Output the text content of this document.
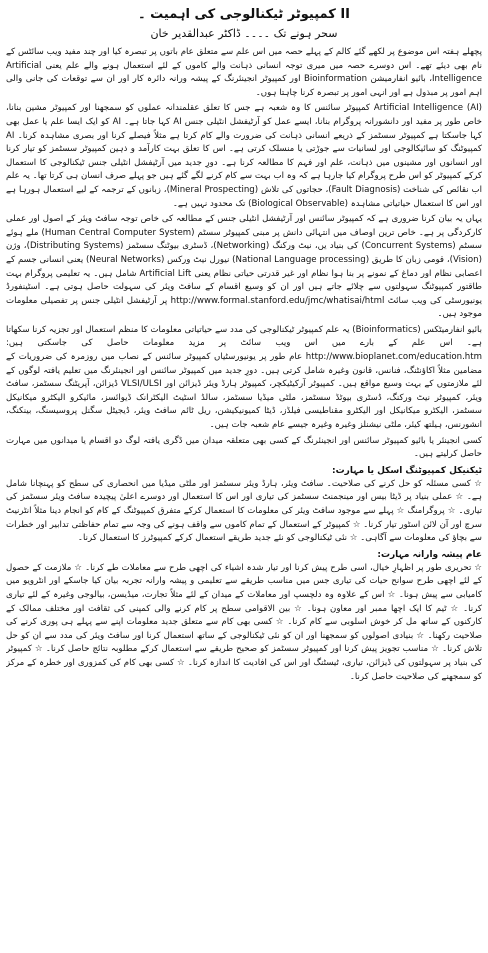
کمپیوٹر ٹیکنالوجی کی اہمیت ۔ II
سحر ہونے تک ۔۔۔۔ ڈاکٹر عبدالقدیر خان

پچھلے ہفتہ اس موضوع پر لکھے گئے کالم کے پہلے حصہ میں اس علم سے متعلق عام باتوں پر تبصرہ کیا اور چند مفید ویب سائٹس کے نام بھی دیئے تھے۔ اس دوسرے حصہ میں میری توجہ انسانی ذہانت والے کاموں کے لئے استعمال ہونے والے علم یعنی Artificial Intelligence، بائیو انفارمیشن Bioinformation اور کمپیوٹر انجینئرنگ کے پیشہ ورانہ دائرہ کار اور ان سے توقعات کی جانی والی اہم امور پر مبذول ہے اور انہی امور پر تبصرہ کرنا چاہتا ہوں۔

Artificial Intelligence (AI) کمپیوٹر سائنس کا وہ شعبہ ہے جس کا تعلق عقلمندانہ عملوں کو سمجھنا اور کمپیوٹر مشین بنانا، خاص طور پر مفید اور دانشورانہ پروگرام بنانا، ایسے عمل کو آرٹیفشل انٹیلی جنس AI کہا جاتا ہے۔ AI کو ایک ایسا علم یا عمل بھی کہا جاسکتا ہے کمپیوٹر سسٹمز کے ذریعے انسانی ذہانت کی ضرورت والے کام کرتا ہے مثلاً فیصلے کرنا اور بصری مشاہدہ کرنا۔ AI کمپیوٹنگ کو سائیکالوجی اور لسانیات سے جوڑتی یا منسلک کرتی ہے۔ اس کا تعلق بہت کارآمد و ذہین کمپیوٹر سسٹمز کو تیار کرنا اور انسانوں اور مشینوں میں ذہانت، علم اور فہم کا مطالعہ کرنا ہے۔ دورِ جدید میں آرٹیفشل انٹیلی جنس ٹیکنالوجی کا استعمال کرکے کمپیوٹر کو اس طرح پروگرام کیا جارہا ہے کہ وہ اب بہت سے کام کرنے لگے گئے ہیں جو پہلے صرف انسان ہی کرتا تھا۔ یہ علم اب نقائص کی شناخت (Fault Diagnosis)، حجاتوں کی تلاش (Mineral Prospecting)، زبانوں کے ترجمہ کے لیے استعمال ہورہا ہے اور اس کا استعمال حیاتیاتی مشاہدہ (Biological Observable) تک محدود نہیں ہے۔

یہاں یہ بیان کرنا ضروری ہے کہ کمپیوٹر سائنس اور آرٹیفشل انٹیلی جنس کے مطالعہ کی خاص توجہ سافٹ ویئر کے اصول اور عملی کارکردگی پر ہے۔ خاص ترین اوصاف میں انتہائی دانش پر مبنی کمپیوٹر سسٹم (Human Central Computer System) ملے ہوئے سسٹم (Concurrent Systems) کی بنیاد یں، نیٹ ورکنگ (Networking)، ڈسٹری بیوٹنگ سسٹمز (Distributing Systems)، وژن (Vision)، قومی زبان کا طریق (National Language processing) نیورل نیٹ ورکس (Neural Networks) یعنی انسانی جسم کے اعصابی نظام اور دماغ کے نمونے پر بنا ہوا نظام اور غیر قدرتی حیاتی نظام یعنی Artificial Lift شامل ہیں۔ یہ تعلیمی پروگرام بہت طاقتور کمپیوٹنگ سہولتوں سے چلائے جاتے ہیں اور ان کو وسیع اقسام کے سافٹ ویئر کی سہولت حاصل ہوتی ہے۔ اسٹینفورڈ یونیورسٹی کی ویب سائٹ http://www.formal.stanford.edu/jmc/whatisai/html پر آرٹیفشل انٹیلی جنس پر تفصیلی معلومات موجود ہیں۔

بائیو انفارمیٹکس (Bioinformatics) یہ علم کمپیوٹر ٹیکنالوجی کی مدد سے حیاتیاتی معلومات کا منظم استعمال اور تجزیہ کرنا سکھاتا ہے۔ اس علم کے بارے میں اس ویب سائٹ پر مزید معلومات حاصل کی جاسکتی ہیں: http://www.bioplanet.com/education.htm عام طور پر یونیورسٹیاں کمپیوٹر سائنس کے نصاب میں روزمرہ کی ضروریات کے مضامین مثلاً اکاؤنٹنگ، فنانس، قانون وغیرہ شامل کرتی ہیں۔ دورِ جدید میں کمپیوٹر سائنس اور انجینئرنگ میں تعلیم یافتہ لوگوں کے لئے ملازمتوں کے بہت وسیع مواقع ہیں۔ کمپیوٹر آرکیٹیکچر، کمپیوٹر ہارڈ ویئر ڈیزائن اور VLSI/ULSI ڈیزائن، آپریٹنگ سسٹمز، سافٹ ویئر، کمپیوٹر نیٹ ورکنگ، ڈسٹری بیوٹڈ سسٹمز، ملٹی میڈیا سسٹمز، سالڈ اسٹیٹ الیکٹرانک ڈیوائسز، مائیکرو الیکٹرو میکانیکل سسٹمز، الیکٹرو میکانیکل اور الیکٹرو مقناطیسی فیلڈز، ڈیٹا کمیونیکیشن، ریل ٹائم سافٹ ویئر، ڈیجیٹل سگنل پروسیسنگ، بینکنگ، انشورنس، ہیلتھ کیئر، ملٹی نیشنلز وغیرہ وغیرہ جیسے عام شعبہ جات ہیں۔

کسی انجینئر یا بائیو کمپیوٹر سائنس اور انجینئرنگ کے کسی بھی متعلقہ میدان میں ڈگری یافتہ لوگ دو اقسام یا میدانوں میں مہارت حاصل کرلیتے ہیں۔

ٹیکنیکل کمپیوٹنگ اسکل یا مہارت:

☆ کسی مسئلہ کو حل کرنے کی صلاحیت۔ سافٹ ویئر، ہارڈ ویئر سسٹمز اور ملٹی میڈیا میں انحصاری کی سطح کو پہنچانا شامل ہے۔ ☆ عملی بنیاد پر ڈیٹا بیس اور مینجمنٹ سسٹمز کی تیاری اور اس کا استعمال اور دوسرے اعلیٰ پیچیدہ سافٹ ویئر سسٹمز کی تیاری۔ ☆ پروگرامنگ ☆ پہلے سے موجود سافٹ ویئر کی معلومات کا استعمال کرکے متفرق کمپیوٹنگ کے کام کو انجام دینا مثلاً انٹرنیٹ سرچ اور آن لائن اسٹور تیار کرنا۔ ☆ کمپیوٹر کے استعمال کے تمام کاموں سے واقف ہونے کی وجہ سے تمام حفاظتی تدابیر اور خطرات سے بچاؤ کی معلومات سے آگاہی۔ ☆ نئی ٹیکنالوجی کو نئے جدید طریقے استعمال کرکے کمپیوٹرز کا استعمال کرنا۔

عام پیشہ وارانہ مہارت:

☆ تحریری طور پر اظہارِ خیال، اسی طرح پیش کرنا اور تیار شدہ اشیاء کی اچھی طرح سے معاملات طے کرنا۔ ☆ ملازمت کے حصول کے لئے اچھی طرح سوانح حیات کی تیاری جس میں مناسب طریقے سے تعلیمی و پیشہ وارانہ تجربہ بیان کیا جاسکے اور انٹرویو میں کامیابی سے پیش ہونا۔ ☆ اس کے علاوہ وہ دلچسپ اور معاملات کے میدان کے لئے مثلاً تجارت، میڈیسن، بیالوجی وغیرہ کے لئے تیاری کرنا۔ ☆ ٹیم کا ایک اچھا ممبر اور معاون ہونا۔ ☆ بین الاقوامی سطح پر کام کرنے والی کمپنی کی ثقافت اور مختلف ممالک کے کارکنوں کے ساتھ مل کر خوش اسلوبی سے کام کرنا۔ ☆ کسی بھی کام سے متعلق جدید معلومات اپنے سے پہلے ہی پوری کرنے کی صلاحیت رکھنا۔ ☆ بنیادی اصولوں کو سمجھنا اور ان کو نئی ٹیکنالوجی کے ساتھ استعمال کرنا اور سافٹ ویئر کی مدد سے ان کو حل تلاش کرنا۔ ☆ مناسب تجویز پیش کرنا اور کمپیوٹر سسٹمز کو صحیح طریقے سے استعمال کرکے مطلوبہ نتائج حاصل کرنا۔ ☆ کمپیوٹر کی بنیاد پر سہولتوں کی ڈیزائن، تیاری، ٹیسٹنگ اور اس کی افادیت کا اندازہ کرنا۔ ☆ کسی بھی کام کی کمزوری اور خطرہ کے مرکز کو سمجھنے کی صلاحیت حاصل کرنا۔
